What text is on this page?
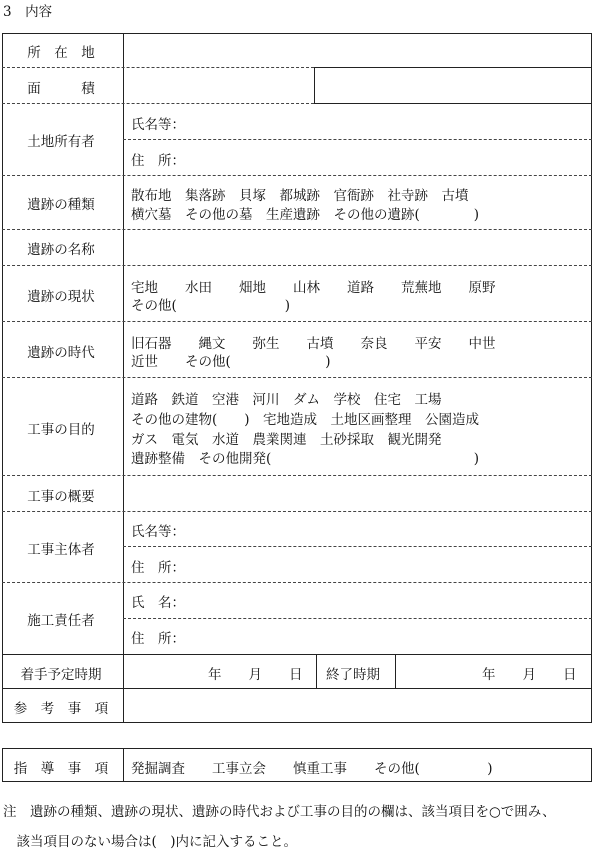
3　内容
所　在　地
面　　　積
土地所有者
遺跡の種類
遺跡の名称
遺跡の現状
遺跡の時代
工事の目的
工事の概要
工事主体者
施工責任者
着手予定時期
参　考　事　項
氏名等：
住　所：
散布地　集落跡　貝塚　都城跡　官衙跡　社寺跡　古墳
横穴墓　その他の墓　生産遺跡　その他の遺跡(　　　　)
宅地　　水田　　畑地　　山林　　道路　　荒蕪地　　原野
その他(　　　　　　　　)
旧石器　　縄文　　弥生　　古墳　　奈良　　平安　　中世
近世　　その他(　　　　　　　)
道路　鉄道　空港　河川　ダム　学校　住宅　工場
その他の建物(　　)　宅地造成　土地区画整理　公園造成
ガス　電気　水道　農業関連　土砂採取　観光開発
遺跡整備　その他開発(　　　　　　　　　　　　　　　)
氏名等：
住　所：
氏　名：
住　所：
年　　月　　日 終了時期	年　　月　　日
指　導　事　項	発掘調査　　工事立会　　慎重工事　　その他(　　　　　)
注　遺跡の種類、遺跡の現状、遺跡の時代および工事の目的の欄は、該当項目を○で囲み、
　該当項目のない場合は(　)内に記入すること。
